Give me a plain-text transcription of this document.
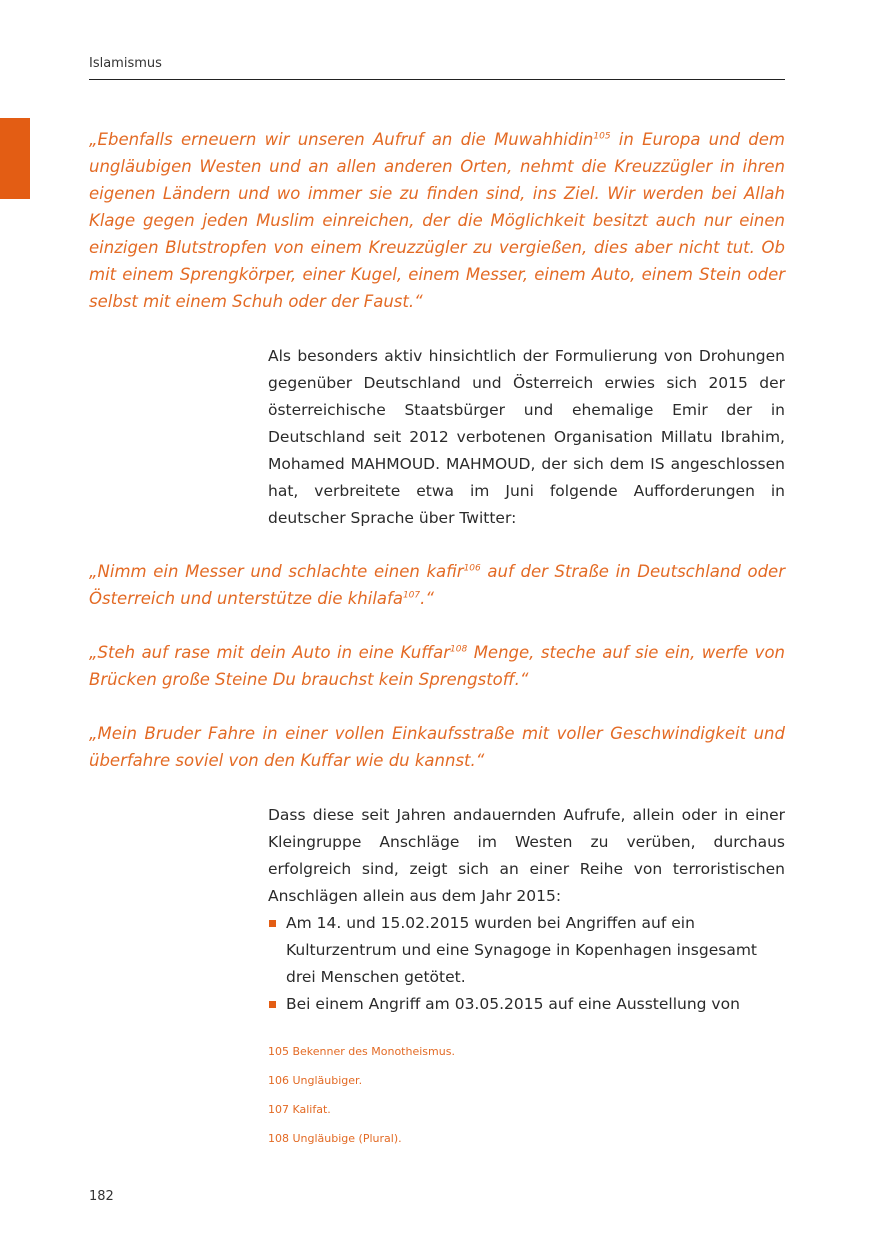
Islamismus

„Ebenfalls erneuern wir unseren Aufruf an die Muwahhidin$^{105}$ in Europa und dem ungläubigen Westen und an allen anderen Orten, nehmt die Kreuzzügler in ihren eigenen Ländern und wo immer sie zu finden sind, ins Ziel. Wir werden bei Allah Klage gegen jeden Muslim einreichen, der die Möglichkeit besitzt auch nur einen einzigen Blutstropfen von einem Kreuzzügler zu vergießen, dies aber nicht tut. Ob mit einem Sprengkörper, einer Kugel, einem Messer, einem Auto, einem Stein oder selbst mit einem Schuh oder der Faust.“

Als besonders aktiv hinsichtlich der Formulierung von Drohungen gegenüber Deutschland und Österreich erwies sich 2015 der österreichische Staatsbürger und ehemalige Emir der in Deutschland seit 2012 verbotenen Organisation Millatu Ibrahim, Mohamed MAHMOUD. MAHMOUD, der sich dem IS angeschlossen hat, verbreitete etwa im Juni folgende Aufforderungen in deutscher Sprache über Twitter:

„Nimm ein Messer und schlachte einen kafir$^{106}$ auf der Straße in Deutschland oder Österreich und unterstütze die khilafa$^{107}$.“

„Steh auf rase mit dein Auto in eine Kuffar$^{108}$ Menge, steche auf sie ein, werfe von Brücken große Steine Du brauchst kein Sprengstoff.“

„Mein Bruder Fahre in einer vollen Einkaufsstraße mit voller Geschwindigkeit und überfahre soviel von den Kuffar wie du kannst.“

Dass diese seit Jahren andauernden Aufrufe, allein oder in einer Kleingruppe Anschläge im Westen zu verüben, durchaus erfolgreich sind, zeigt sich an einer Reihe von terroristischen Anschlägen allein aus dem Jahr 2015:

Am 14. und 15.02.2015 wurden bei Angriffen auf ein Kulturzentrum und eine Synagoge in Kopenhagen insgesamt drei Menschen getötet.
Bei einem Angriff am 03.05.2015 auf eine Ausstellung von

105 Bekenner des Monotheismus.

106 Ungläubiger.

107 Kalifat.

108 Ungläubige (Plural).

182
